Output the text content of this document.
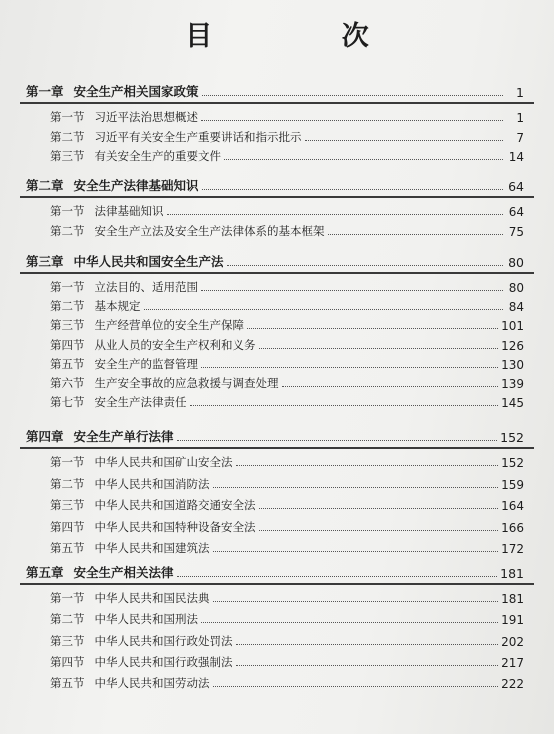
目 次
第一章 安全生产相关国家政策	1
第一节 习近平法治思想概述	1
第二节 习近平有关安全生产重要讲话和指示批示	7
第三节 有关安全生产的重要文件	14
第二章 安全生产法律基础知识	64
第一节 法律基础知识	64
第二节 安全生产立法及安全生产法律体系的基本框架	75
第三章 中华人民共和国安全生产法	80
第一节 立法目的、适用范围	80
第二节 基本规定	84
第三节 生产经营单位的安全生产保障	101
第四节 从业人员的安全生产权利和义务	126
第五节 安全生产的监督管理	130
第六节 生产安全事故的应急救援与调查处理	139
第七节 安全生产法律责任	145
第四章 安全生产单行法律	152
第一节 中华人民共和国矿山安全法	152
第二节 中华人民共和国消防法	159
第三节 中华人民共和国道路交通安全法	164
第四节 中华人民共和国特种设备安全法	166
第五节 中华人民共和国建筑法	172
第五章 安全生产相关法律	181
第一节 中华人民共和国民法典	181
第二节 中华人民共和国刑法	191
第三节 中华人民共和国行政处罚法	202
第四节 中华人民共和国行政强制法	217
第五节 中华人民共和国劳动法	222
